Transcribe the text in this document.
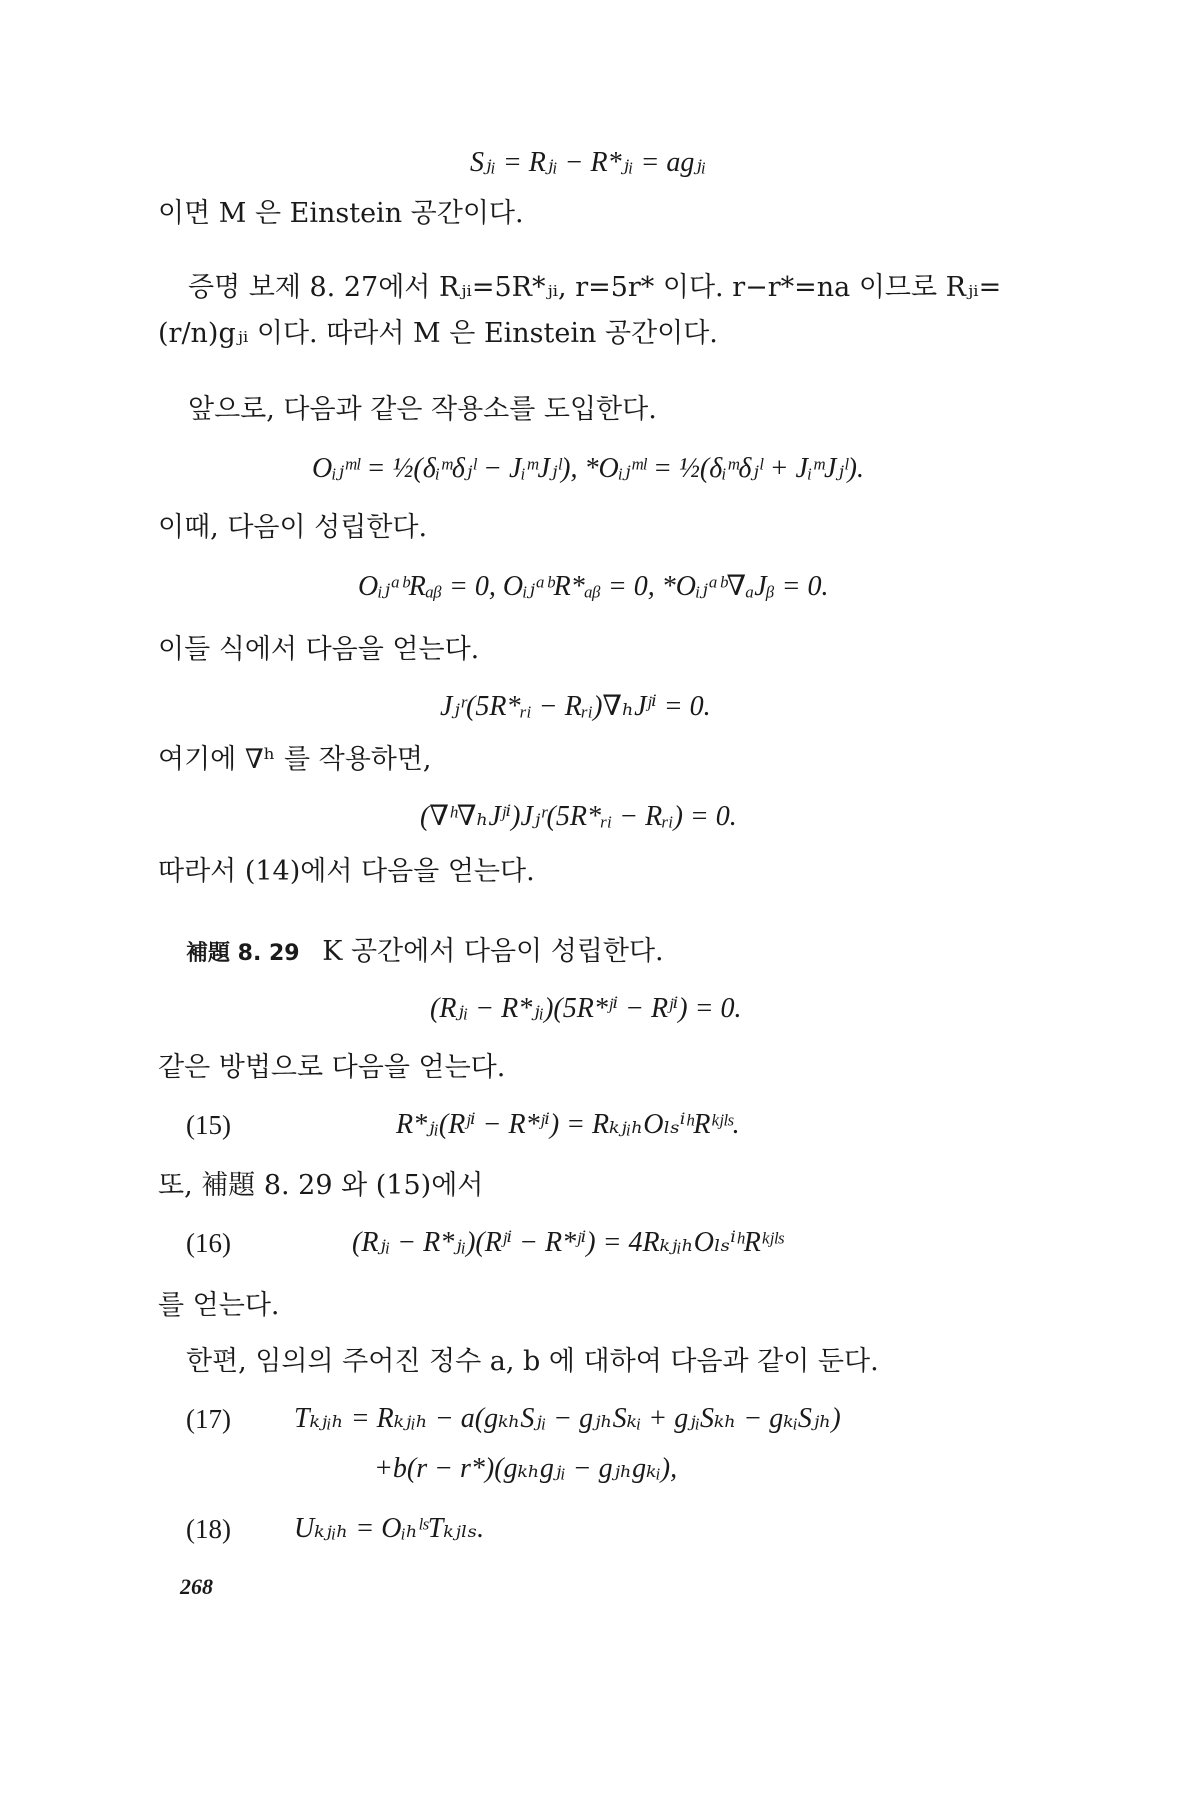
Sⱼᵢ = Rⱼᵢ − R*ⱼᵢ = agⱼᵢ
이면 M 은 Einstein 공간이다.
증명 보제 8. 27에서 Rⱼᵢ=5R*ⱼᵢ, r=5r* 이다. r−r*=na 이므로 Rⱼᵢ=
(r/n)gⱼᵢ 이다. 따라서 M 은 Einstein 공간이다.
앞으로, 다음과 같은 작용소를 도입한다.
Oᵢⱼᵐˡ = ½(δᵢᵐδⱼˡ − JᵢᵐJⱼˡ), *Oᵢⱼᵐˡ = ½(δᵢᵐδⱼˡ + JᵢᵐJⱼˡ).
이때, 다음이 성립한다.
OᵢⱼᵃᵇRₐᵦ = 0, OᵢⱼᵃᵇR*ₐᵦ = 0, *Oᵢⱼᵃᵇ∇ₐJᵦ = 0.
이들 식에서 다음을 얻는다.
Jⱼʳ(5R*ᵣᵢ − Rᵣᵢ)∇ₕJʲⁱ = 0.
여기에 ∇ʰ 를 작용하면,
(∇ʰ∇ₕJʲⁱ)Jⱼʳ(5R*ᵣᵢ − Rᵣᵢ) = 0.
따라서 (14)에서 다음을 얻는다.
補題 8. 29 K 공간에서 다음이 성립한다.
(Rⱼᵢ − R*ⱼᵢ)(5R*ʲⁱ − Rʲⁱ) = 0.
같은 방법으로 다음을 얻는다.
(15)	R*ⱼᵢ(Rʲⁱ − R*ʲⁱ) = RₖⱼᵢₕOₗₛⁱʰRᵏʲˡˢ.
또, 補題 8. 29 와 (15)에서
(16)	(Rⱼᵢ − R*ⱼᵢ)(Rʲⁱ − R*ʲⁱ) = 4RₖⱼᵢₕOₗₛⁱʰRᵏʲˡˢ
를 얻는다.
한편, 임의의 주어진 정수 a, b 에 대하여 다음과 같이 둔다.
(17) Tₖⱼᵢₕ = Rₖⱼᵢₕ − a(gₖₕSⱼᵢ − gⱼₕSₖᵢ + gⱼᵢSₖₕ − gₖᵢSⱼₕ)
+b(r − r*)(gₖₕgⱼᵢ − gⱼₕgₖᵢ),
(18) Uₖⱼᵢₕ = OᵢₕˡˢTₖⱼₗₛ.
268
